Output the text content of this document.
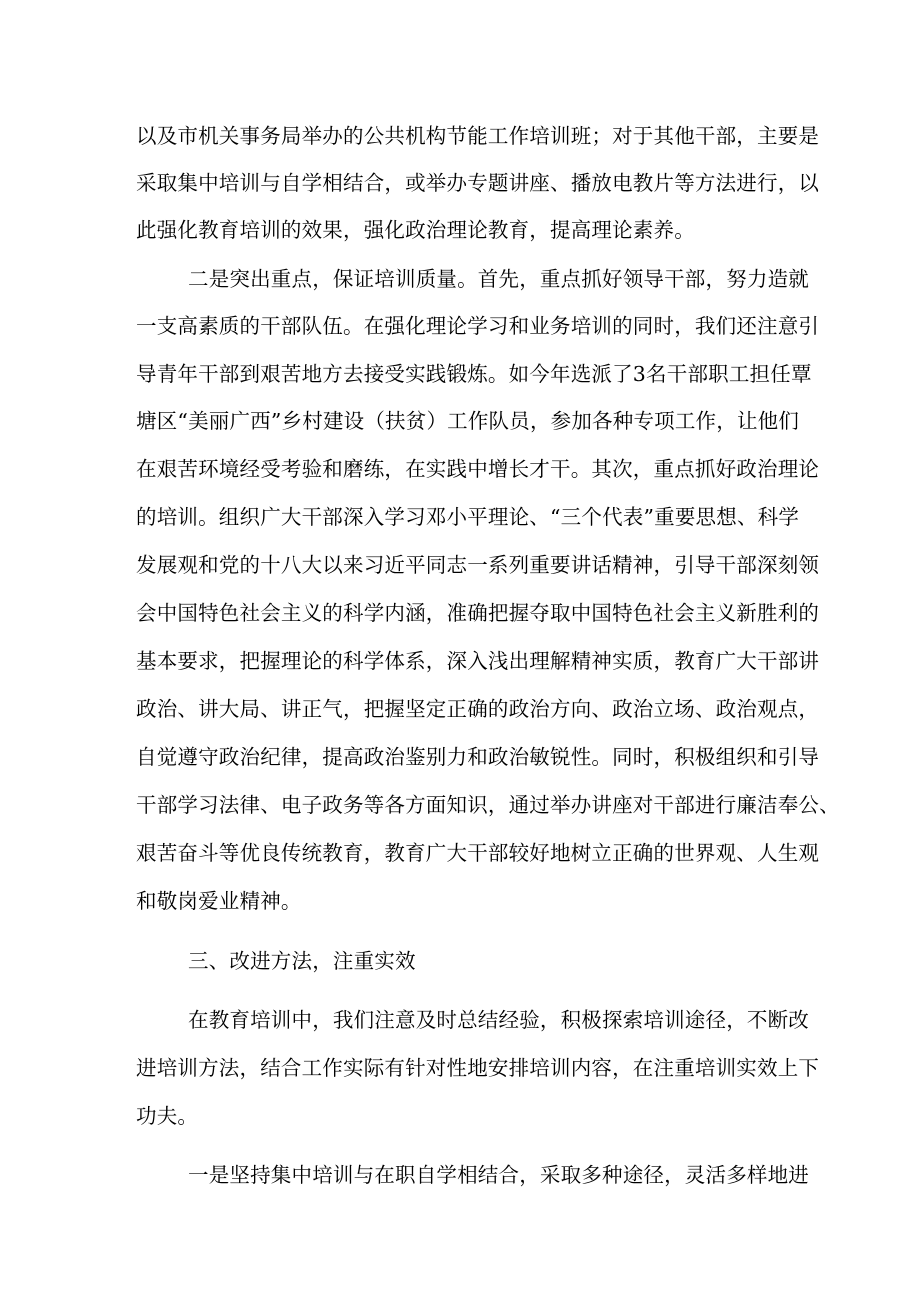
以及市机关事务局举办的公共机构节能工作培训班；对于其他干部，主要是
采取集中培训与自学相结合，或举办专题讲座、播放电教片等方法进行，以
此强化教育培训的效果，强化政治理论教育，提高理论素养。
二是突出重点，保证培训质量。首先，重点抓好领导干部，努力造就
一支高素质的干部队伍。在强化理论学习和业务培训的同时，我们还注意引
导青年干部到艰苦地方去接受实践锻炼。如今年选派了3名干部职工担任覃
塘区“美丽广西”乡村建设（扶贫）工作队员，参加各种专项工作，让他们
在艰苦环境经受考验和磨练，在实践中增长才干。其次，重点抓好政治理论
的培训。组织广大干部深入学习邓小平理论、“三个代表”重要思想、科学
发展观和党的十八大以来习近平同志一系列重要讲话精神，引导干部深刻领
会中国特色社会主义的科学内涵，准确把握夺取中国特色社会主义新胜利的
基本要求，把握理论的科学体系，深入浅出理解精神实质，教育广大干部讲
政治、讲大局、讲正气，把握坚定正确的政治方向、政治立场、政治观点，
自觉遵守政治纪律，提高政治鉴别力和政治敏锐性。同时，积极组织和引导
干部学习法律、电子政务等各方面知识，通过举办讲座对干部进行廉洁奉公、
艰苦奋斗等优良传统教育，教育广大干部较好地树立正确的世界观、人生观
和敬岗爱业精神。
三、改进方法，注重实效
在教育培训中，我们注意及时总结经验，积极探索培训途径，不断改
进培训方法，结合工作实际有针对性地安排培训内容，在注重培训实效上下
功夫。
一是坚持集中培训与在职自学相结合，采取多种途径，灵活多样地进
